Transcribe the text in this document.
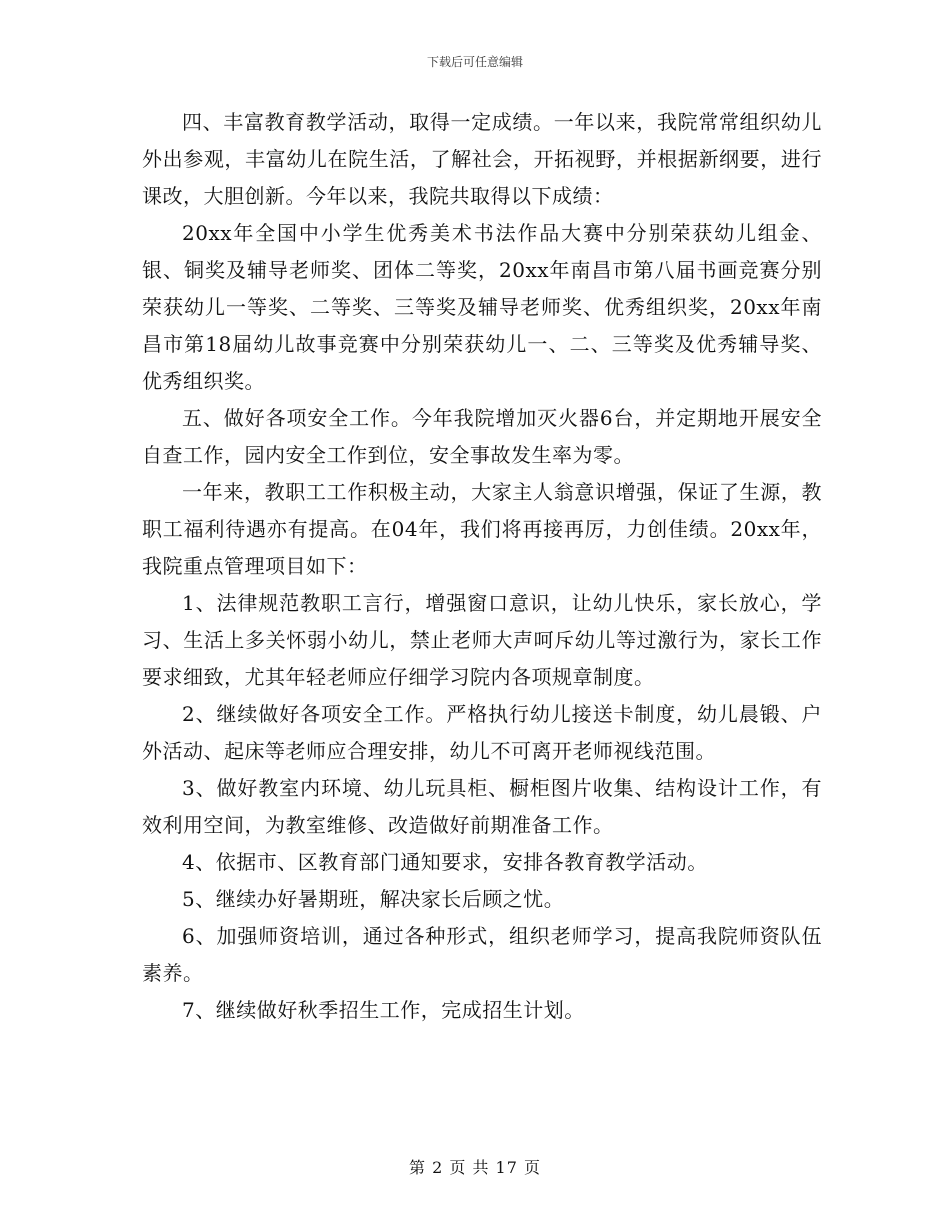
下载后可任意编辑

四、丰富教育教学活动，取得一定成绩。一年以来，我院常常组织幼儿外出参观，丰富幼儿在院生活，了解社会，开拓视野，并根据新纲要，进行课改，大胆创新。今年以来，我院共取得以下成绩：

20xx年全国中小学生优秀美术书法作品大赛中分别荣获幼儿组金、银、铜奖及辅导老师奖、团体二等奖，20xx年南昌市第八届书画竞赛分别荣获幼儿一等奖、二等奖、三等奖及辅导老师奖、优秀组织奖，20xx年南昌市第18届幼儿故事竞赛中分别荣获幼儿一、二、三等奖及优秀辅导奖、优秀组织奖。

五、做好各项安全工作。今年我院增加灭火器6台，并定期地开展安全自查工作，园内安全工作到位，安全事故发生率为零。

一年来，教职工工作积极主动，大家主人翁意识增强，保证了生源，教职工福利待遇亦有提高。在04年，我们将再接再厉，力创佳绩。20xx年，我院重点管理项目如下：

1、法律规范教职工言行，增强窗口意识，让幼儿快乐，家长放心，学习、生活上多关怀弱小幼儿，禁止老师大声呵斥幼儿等过激行为，家长工作要求细致，尤其年轻老师应仔细学习院内各项规章制度。

2、继续做好各项安全工作。严格执行幼儿接送卡制度，幼儿晨锻、户外活动、起床等老师应合理安排，幼儿不可离开老师视线范围。

3、做好教室内环境、幼儿玩具柜、橱柜图片收集、结构设计工作，有效利用空间，为教室维修、改造做好前期准备工作。

4、依据市、区教育部门通知要求，安排各教育教学活动。

5、继续办好暑期班，解决家长后顾之忧。

6、加强师资培训，通过各种形式，组织老师学习，提高我院师资队伍素养。

7、继续做好秋季招生工作，完成招生计划。

第 2 页 共 17 页
